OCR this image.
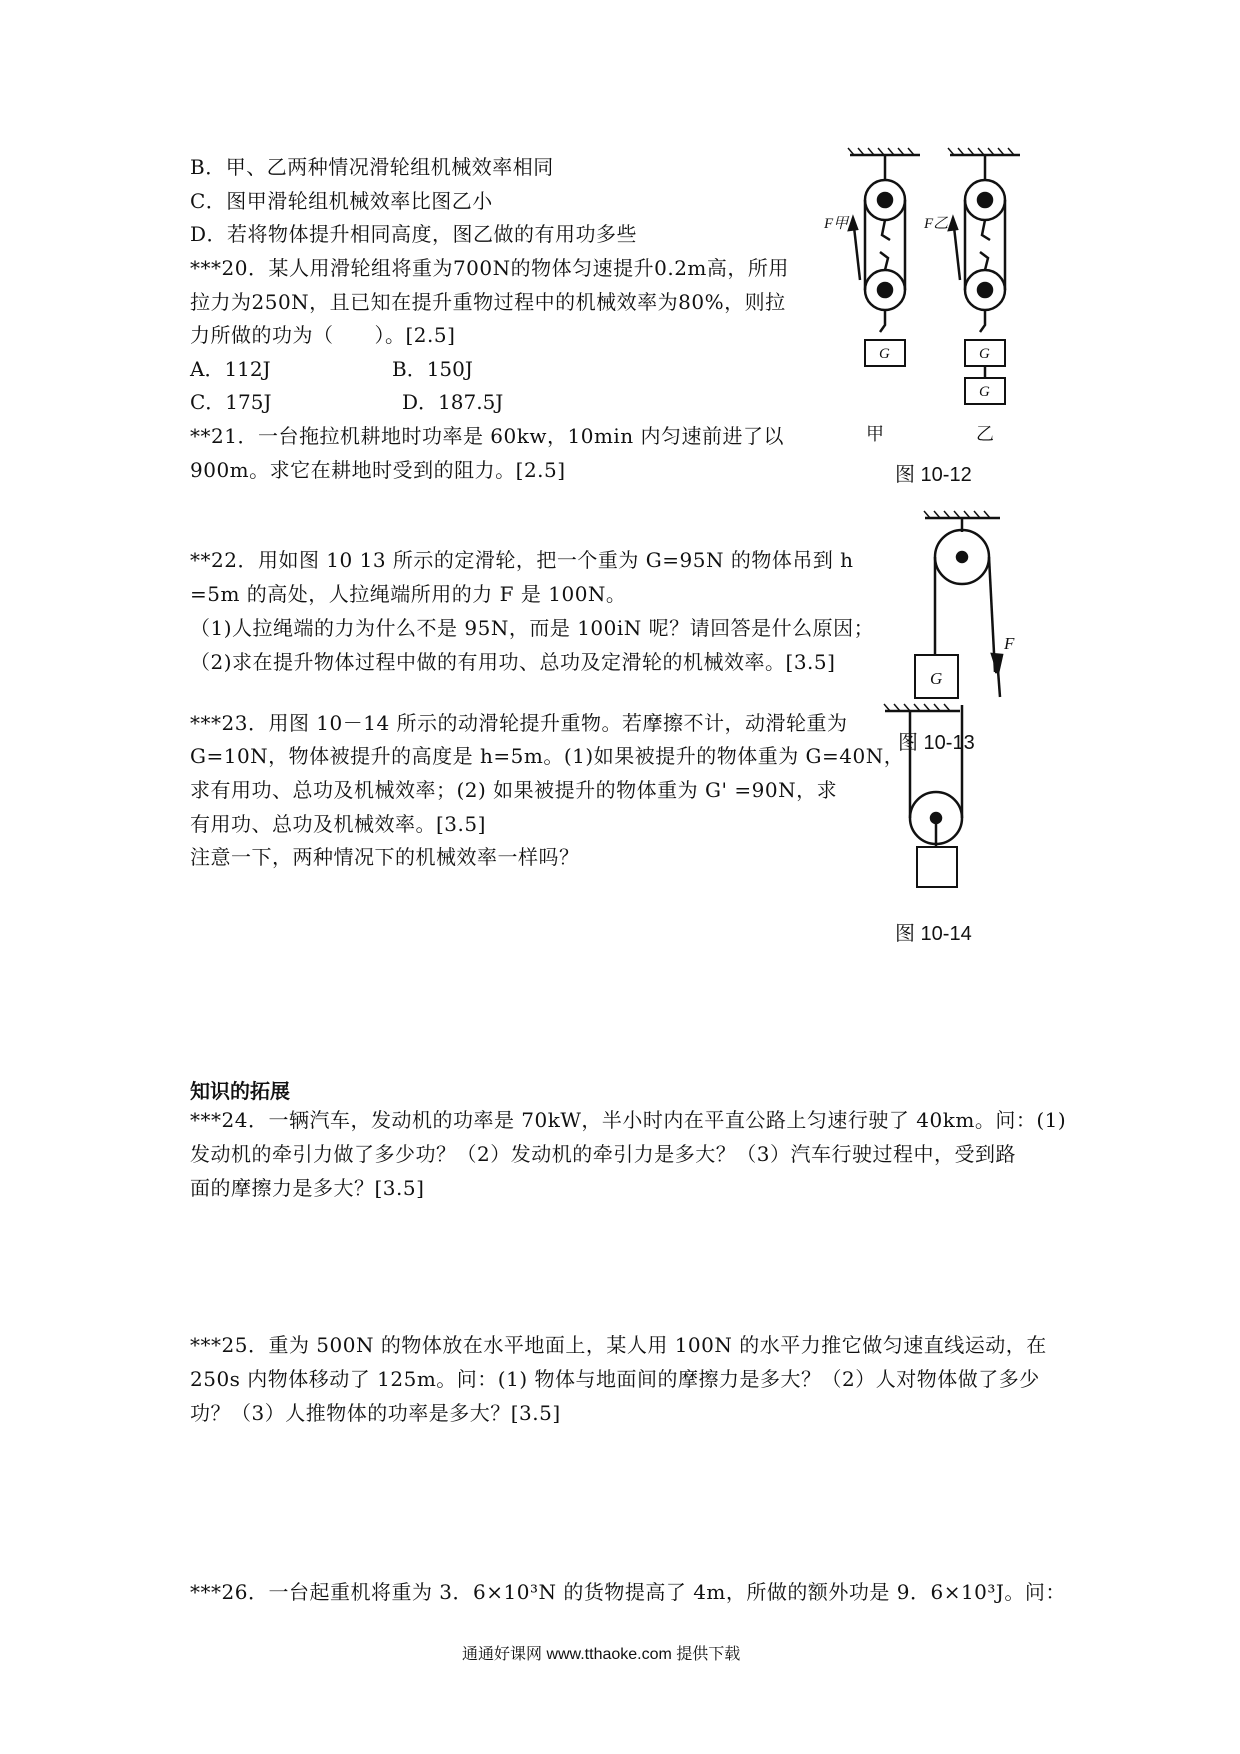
B．甲、乙两种情况滑轮组机械效率相同
C．图甲滑轮组机械效率比图乙小
D．若将物体提升相同高度，图乙做的有用功多些
***20．某人用滑轮组将重为700N的物体匀速提升0.2m高，所用
拉力为250N，且已知在提升重物过程中的机械效率为80%，则拉
力所做的功为（　　）。[2.5]
A．112J	B．150J
C．175J	D．187.5J
**21．一台拖拉机耕地时功率是 60kw，10min 内匀速前进了以
900m。求它在耕地时受到的阻力。[2.5]
G
F甲
G
G
F乙
甲	乙
图 10-12
**22．用如图 10 13 所示的定滑轮，把一个重为 G=95N 的物体吊到 h
=5m 的高处，人拉绳端所用的力 F 是 100N。
（1)人拉绳端的力为什么不是 95N，而是 100iN 呢？请回答是什么原因；
（2)求在提升物体过程中做的有用功、总功及定滑轮的机械效率。[3.5]
F
G
图 10-13
***23．用图 10－14 所示的动滑轮提升重物。若摩擦不计，动滑轮重为
G=10N，物体被提升的高度是 h=5m。(1)如果被提升的物体重为 G=40N，
求有用功、总功及机械效率；(2) 如果被提升的物体重为 G' =90N，求
有用功、总功及机械效率。[3.5]
注意一下，两种情况下的机械效率一样吗？
图 10-14
知识的拓展
***24．一辆汽车，发动机的功率是 70kW，半小时内在平直公路上匀速行驶了 40km。问：(1)
发动机的牵引力做了多少功？（2）发动机的牵引力是多大？（3）汽车行驶过程中，受到路
面的摩擦力是多大？[3.5]
***25．重为 500N 的物体放在水平地面上，某人用 100N 的水平力推它做匀速直线运动，在
250s 内物体移动了 125m。问：(1) 物体与地面间的摩擦力是多大？（2）人对物体做了多少
功？（3）人推物体的功率是多大？[3.5]
***26．一台起重机将重为 3．6×10³N 的货物提高了 4m，所做的额外功是 9．6×10³J。问：
通通好课网 www.tthaoke.com 提供下载
